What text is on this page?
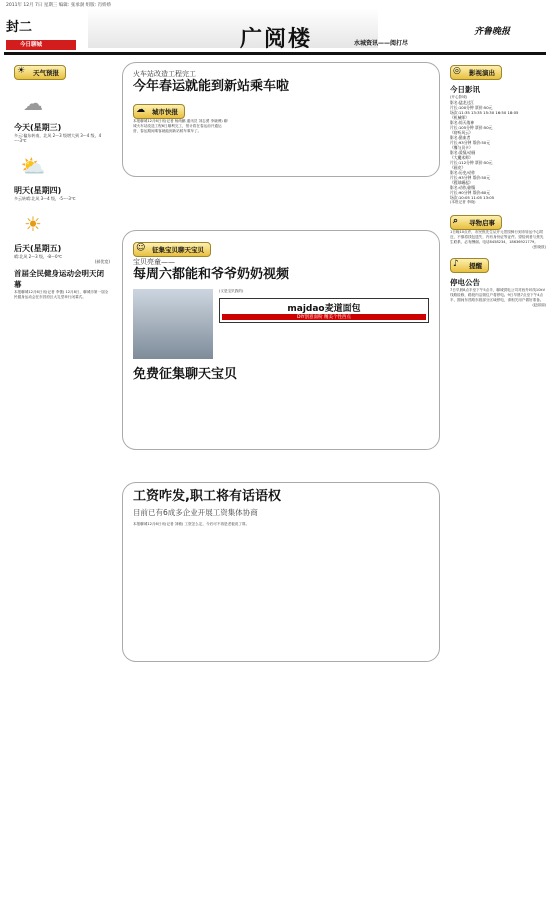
2011年 12月 7日 星期三 编辑: 张承澍 组版: 肖娇娇
封二
今日聊城	广阅楼	水城资讯——阅打尽
齐鲁晚报
☀ 天气预报
☁
今天(星期三)
多云:偏东转南，北风 2～3 级增大到 3～4 级，4～-3℃
⛅
明天(星期四)
多云转晴:北风 3～4 级，-5～-3℃
☀
后天(星期五)
晴:北风 2～3 级，-8～0℃
(郝优宽)
首届全民健身运动会明天闭幕
本报聊城12月6日讯(记者 李蕾) 12月8日，聊城市第一届全民健身运动会在东昌府区大礼堂举行闭幕式。
火车站改造工程完工
今年春运就能到新站乘车啦
☁ 城市快报
本报聊城12月6日讯(记者 杨尚鹏 通讯员 刘志勇 李晓博) 聊城火车站改造工程6日顺利完工，预计将在春运前开通运营，春运期间乘客就能到新站候车乘车了。
☺ 征集宝贝聊天宝贝
宝贝亮童——
每周六都能和爷爷奶奶视频
(又是宝贝我的)
majdao麦道面包
DIY创意面粉 精美个性西点
免费征集聊天宝贝
工资咋发,职工将有话语权
目前已有6成多企业开展工资集体协商
本报聊城12月6日讯(记者 刘敏) 工资怎么定，今后可不再是老板说了算。
◎ 影视演出
今日影讯
(开心影城)

影名:猛龙过江

片长:100分钟 票价:50元

场次:11:35 13:35 15:30 16:50 18:05

《机械师》

影名:惊天战神

片长:105分钟 票价:50元

《窃听风云》

影名:猎血者

片长:93分钟 票价:50元

《鹰与贝卡》

影名:爱情/动画

《大魔术师》

片长:112分钟 票价:50元

《画皮》

影名:历史/动作

片长:93分钟 票价:50元

《猩球崛起》

影名:动作/剧情

片长:90分钟 票价:60元

场次:10:05 11:05 13:05

(本报记者 李晓)
⌕ 寻物启事
1日晚10点许，市民焦先生从开元景园骑行到市转运中心附近，不慎将钱包遗失，内有身份证等证件。望拾到者与焦先生联系，必有酬谢。电话8458234，18636921779。
(张晓波)
♪ 提醒
停电公告
7日早晨8点半至下午5点半，聊城供电公司对西外环线10kV线路检修，路段内沿街住户将停电。9日早晨7点至下午4点半，期间东昌路东段部分区域停电，请相关用户做好准备。
(赵丽丽)
